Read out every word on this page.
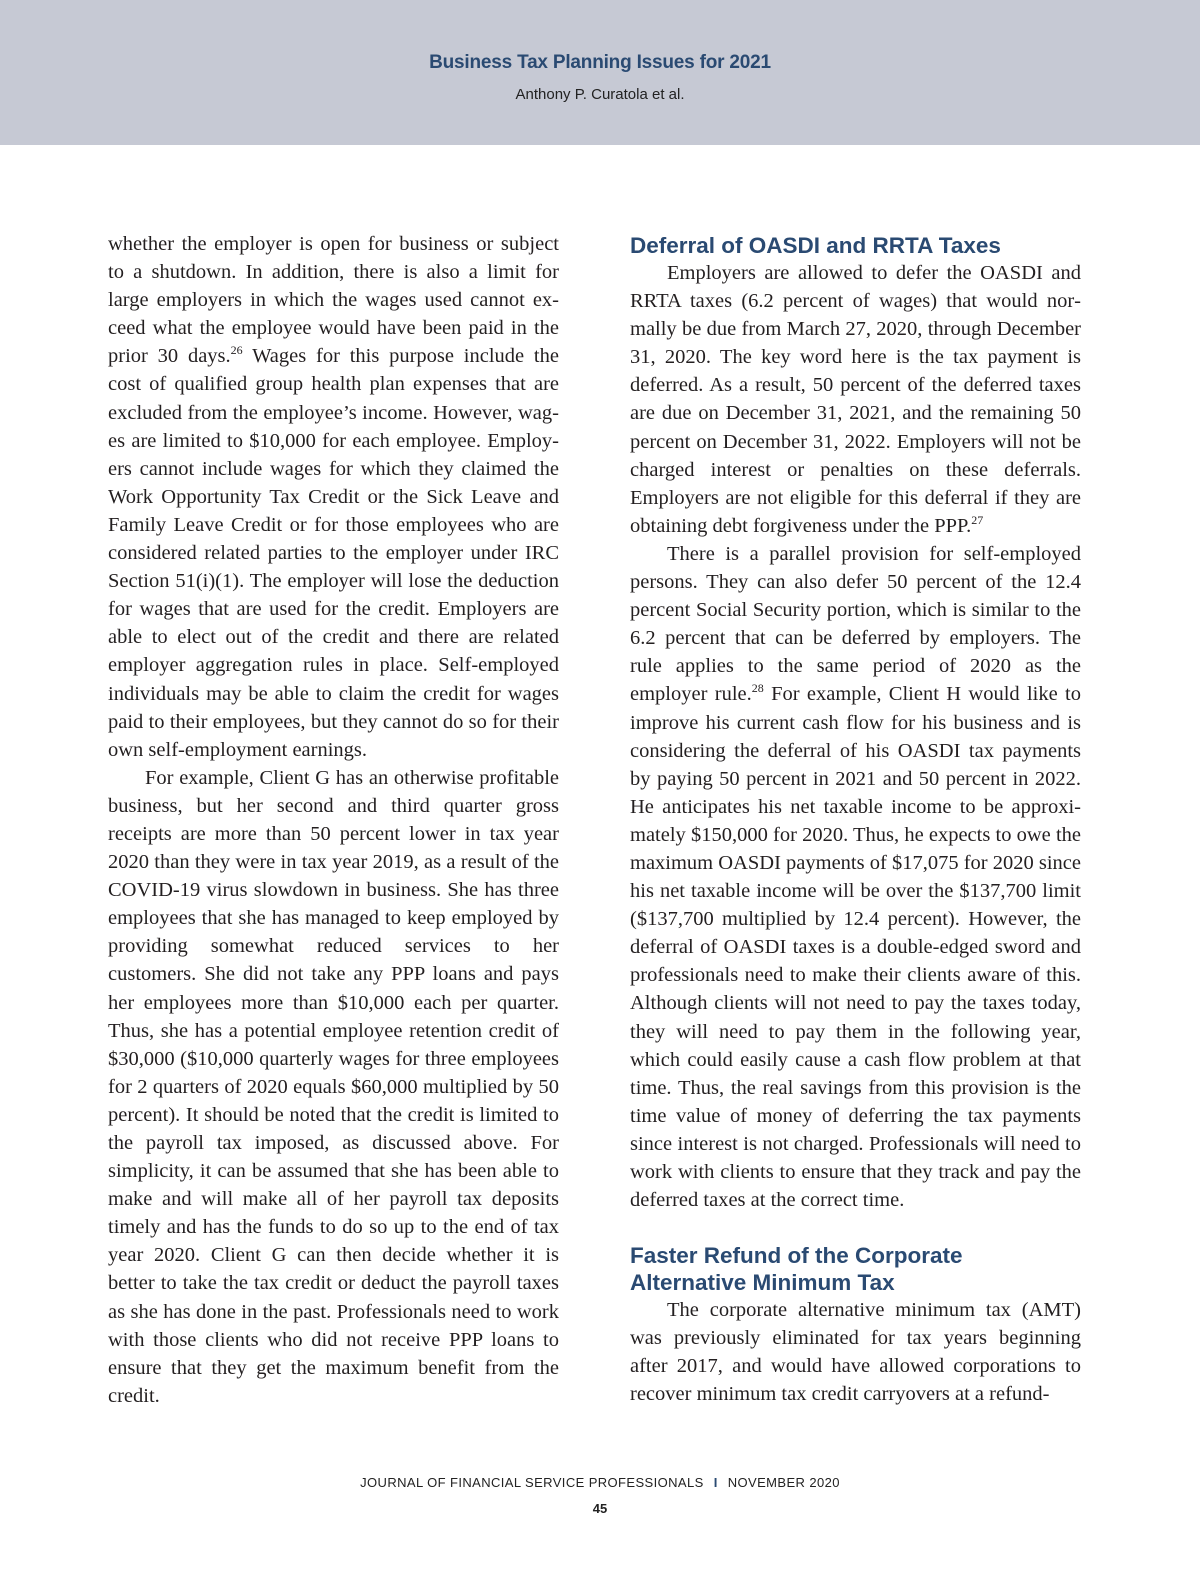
Business Tax Planning Issues for 2021
Anthony P. Curatola et al.

whether the employer is open for business or subject to a shutdown. In addition, there is also a limit for large employers in which the wages used cannot exceed what the employee would have been paid in the prior 30 days.$^{26}$ Wages for this purpose include the cost of qualified group health plan expenses that are excluded from the employee’s income. However, wages are limited to $10,000 for each employee. Employers cannot include wages for which they claimed the Work Opportunity Tax Credit or the Sick Leave and Family Leave Credit or for those employees who are considered related parties to the employer under IRC Section 51(i)(1). The employer will lose the deduction for wages that are used for the credit. Employers are able to elect out of the credit and there are related employer aggregation rules in place. Self-employed individuals may be able to claim the credit for wages paid to their employees, but they cannot do so for their own self-employment earnings.

For example, Client G has an otherwise profitable business, but her second and third quarter gross receipts are more than 50 percent lower in tax year 2020 than they were in tax year 2019, as a result of the COVID-19 virus slowdown in business. She has three employees that she has managed to keep employed by providing somewhat reduced services to her customers. She did not take any PPP loans and pays her employees more than $10,000 each per quarter. Thus, she has a potential employee retention credit of $30,000 ($10,000 quarterly wages for three employees for 2 quarters of 2020 equals $60,000 multiplied by 50 percent). It should be noted that the credit is limited to the payroll tax imposed, as discussed above. For simplicity, it can be assumed that she has been able to make and will make all of her payroll tax deposits timely and has the funds to do so up to the end of tax year 2020. Client G can then decide whether it is better to take the tax credit or deduct the payroll taxes as she has done in the past. Professionals need to work with those clients who did not receive PPP loans to ensure that they get the maximum benefit from the credit.

Deferral of OASDI and RRTA Taxes

Employers are allowed to defer the OASDI and RRTA taxes (6.2 percent of wages) that would normally be due from March 27, 2020, through December 31, 2020. The key word here is the tax payment is deferred. As a result, 50 percent of the deferred taxes are due on December 31, 2021, and the remaining 50 percent on December 31, 2022. Employers will not be charged interest or penalties on these deferrals. Employers are not eligible for this deferral if they are obtaining debt forgiveness under the PPP.$^{27}$

There is a parallel provision for self-employed persons. They can also defer 50 percent of the 12.4 percent Social Security portion, which is similar to the 6.2 percent that can be deferred by employers. The rule applies to the same period of 2020 as the employer rule.$^{28}$ For example, Client H would like to improve his current cash flow for his business and is considering the deferral of his OASDI tax payments by paying 50 percent in 2021 and 50 percent in 2022. He anticipates his net taxable income to be approximately $150,000 for 2020. Thus, he expects to owe the maximum OASDI payments of $17,075 for 2020 since his net taxable income will be over the $137,700 limit ($137,700 multiplied by 12.4 percent). However, the deferral of OASDI taxes is a double-edged sword and professionals need to make their clients aware of this. Although clients will not need to pay the taxes today, they will need to pay them in the following year, which could easily cause a cash flow problem at that time. Thus, the real savings from this provision is the time value of money of deferring the tax payments since interest is not charged. Professionals will need to work with clients to ensure that they track and pay the deferred taxes at the correct time.

Faster Refund of the Corporate
Alternative Minimum Tax

The corporate alternative minimum tax (AMT) was previously eliminated for tax years beginning after 2017, and would have allowed corporations to recover minimum tax credit carryovers at a refund-

JOURNAL OF FINANCIAL SERVICE PROFESSIONALS I NOVEMBER 2020
45
